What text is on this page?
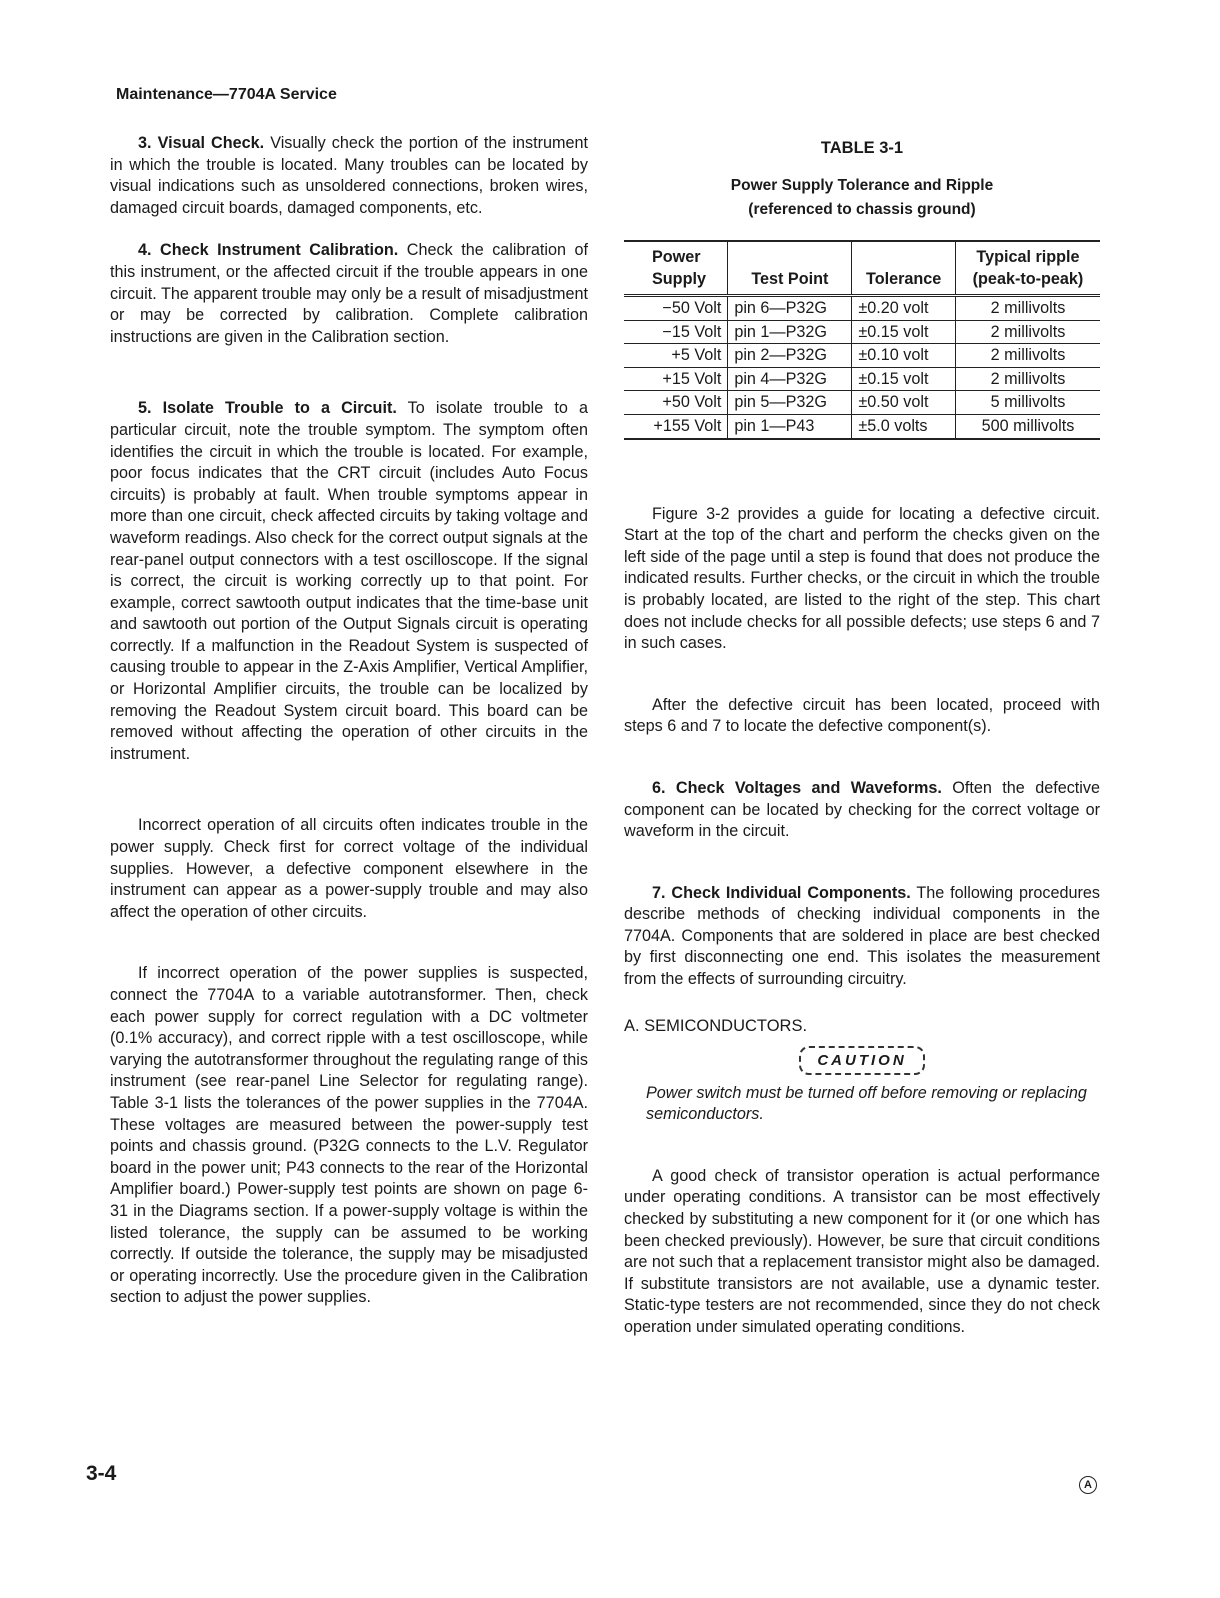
Maintenance—7704A Service

3. Visual Check. Visually check the portion of the instrument in which the trouble is located. Many troubles can be located by visual indications such as unsoldered connections, broken wires, damaged circuit boards, damaged components, etc.

4. Check Instrument Calibration. Check the calibration of this instrument, or the affected circuit if the trouble appears in one circuit. The apparent trouble may only be a result of misadjustment or may be corrected by calibration. Complete calibration instructions are given in the Calibration section.

5. Isolate Trouble to a Circuit. To isolate trouble to a particular circuit, note the trouble symptom. The symptom often identifies the circuit in which the trouble is located. For example, poor focus indicates that the CRT circuit (includes Auto Focus circuits) is probably at fault. When trouble symptoms appear in more than one circuit, check affected circuits by taking voltage and waveform readings. Also check for the correct output signals at the rear-panel output connectors with a test oscilloscope. If the signal is correct, the circuit is working correctly up to that point. For example, correct sawtooth output indicates that the time-base unit and sawtooth out portion of the Output Signals circuit is operating correctly. If a malfunction in the Readout System is suspected of causing trouble to appear in the Z-Axis Amplifier, Vertical Amplifier, or Horizontal Amplifier circuits, the trouble can be localized by removing the Readout System circuit board. This board can be removed without affecting the operation of other circuits in the instrument.

Incorrect operation of all circuits often indicates trouble in the power supply. Check first for correct voltage of the individual supplies. However, a defective component elsewhere in the instrument can appear as a power-supply trouble and may also affect the operation of other circuits.

If incorrect operation of the power supplies is suspected, connect the 7704A to a variable autotransformer. Then, check each power supply for correct regulation with a DC voltmeter (0.1% accuracy), and correct ripple with a test oscilloscope, while varying the autotransformer throughout the regulating range of this instrument (see rear-panel Line Selector for regulating range). Table 3-1 lists the tolerances of the power supplies in the 7704A. These voltages are measured between the power-supply test points and chassis ground. (P32G connects to the L.V. Regulator board in the power unit; P43 connects to the rear of the Horizontal Amplifier board.) Power-supply test points are shown on page 6-31 in the Diagrams section. If a power-supply voltage is within the listed tolerance, the supply can be assumed to be working correctly. If outside the tolerance, the supply may be misadjusted or operating incorrectly. Use the procedure given in the Calibration section to adjust the power supplies.

TABLE 3-1
Power Supply Tolerance and Ripple
(referenced to chassis ground)
Power
Supply	Test Point	Tolerance	Typical ripple
(peak-to-peak)
−50 Volt	pin 6—P32G	±0.20 volt	2 millivolts
−15 Volt	pin 1—P32G	±0.15 volt	2 millivolts
+5 Volt	pin 2—P32G	±0.10 volt	2 millivolts
+15 Volt	pin 4—P32G	±0.15 volt	2 millivolts
+50 Volt	pin 5—P32G	±0.50 volt	5 millivolts
+155 Volt	pin 1—P43	±5.0 volts	500 millivolts

Figure 3-2 provides a guide for locating a defective circuit. Start at the top of the chart and perform the checks given on the left side of the page until a step is found that does not produce the indicated results. Further checks, or the circuit in which the trouble is probably located, are listed to the right of the step. This chart does not include checks for all possible defects; use steps 6 and 7 in such cases.

After the defective circuit has been located, proceed with steps 6 and 7 to locate the defective component(s).

6. Check Voltages and Waveforms. Often the defective component can be located by checking for the correct voltage or waveform in the circuit.

7. Check Individual Components. The following procedures describe methods of checking individual components in the 7704A. Components that are soldered in place are best checked by first disconnecting one end. This isolates the measurement from the effects of surrounding circuitry.

A. SEMICONDUCTORS.
CAUTION
Power switch must be turned off before removing or replacing semiconductors.

A good check of transistor operation is actual performance under operating conditions. A transistor can be most effectively checked by substituting a new component for it (or one which has been checked previously). However, be sure that circuit conditions are not such that a replacement transistor might also be damaged. If substitute transistors are not available, use a dynamic tester. Static-type testers are not recommended, since they do not check operation under simulated operating conditions.

3-4	A
